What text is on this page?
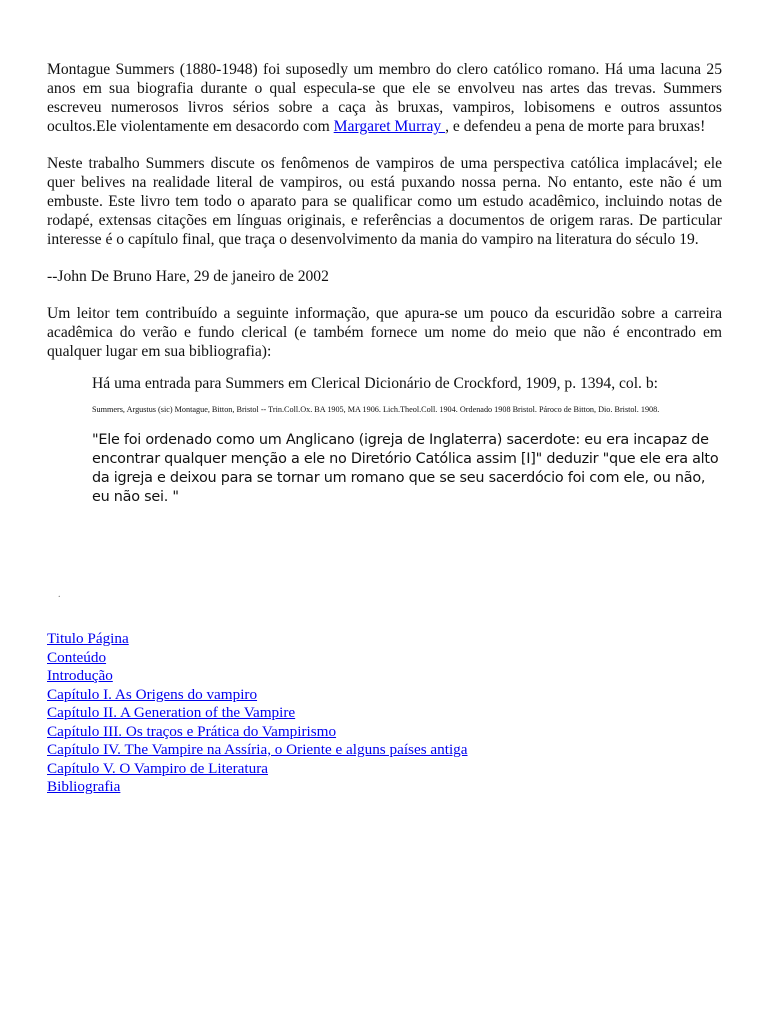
Montague Summers (1880-1948) foi suposedly um membro do clero católico romano. Há uma lacuna 25 anos em sua biografia durante o qual especula-se que ele se envolveu nas artes das trevas. Summers escreveu numerosos livros sérios sobre a caça às bruxas, vampiros, lobisomens e outros assuntos ocultos.Ele violentamente em desacordo com Margaret Murray , e defendeu a pena de morte para bruxas!

Neste trabalho Summers discute os fenômenos de vampiros de uma perspectiva católica implacável; ele quer belives na realidade literal de vampiros, ou está puxando nossa perna. No entanto, este não é um embuste. Este livro tem todo o aparato para se qualificar como um estudo acadêmico, incluindo notas de rodapé, extensas citações em línguas originais, e referências a documentos de origem raras. De particular interesse é o capítulo final, que traça o desenvolvimento da mania do vampiro na literatura do século 19.

--John De Bruno Hare, 29 de janeiro de 2002

Um leitor tem contribuído a seguinte informação, que apura-se um pouco da escuridão sobre a carreira acadêmica do verão e fundo clerical (e também fornece um nome do meio que não é encontrado em qualquer lugar em sua bibliografia):

Há uma entrada para Summers em Clerical Dicionário de Crockford, 1909, p. 1394, col. b:

Summers, Argustus (sic) Montague, Bitton, Bristol -- Trin.Coll.Ox. BA 1905, MA 1906. Lich.Theol.Coll. 1904. Ordenado 1908 Bristol. Pároco de Bitton, Dio. Bristol. 1908.

"Ele foi ordenado como um Anglicano (igreja de Inglaterra) sacerdote: eu era incapaz de encontrar qualquer menção a ele no Diretório Católica assim [I]" deduzir "que ele era alto da igreja e deixou para se tornar um romano que se seu sacerdócio foi com ele, ou não, eu não sei. "

.
Titulo Página
Conteúdo
Introdução
Capítulo I. As Origens do vampiro
Capítulo II. A Generation of the Vampire
Capítulo III. Os traços e Prática do Vampirismo
Capítulo IV. The Vampire na Assíria, o Oriente e alguns países antiga
Capítulo V. O Vampiro de Literatura
Bibliografia
